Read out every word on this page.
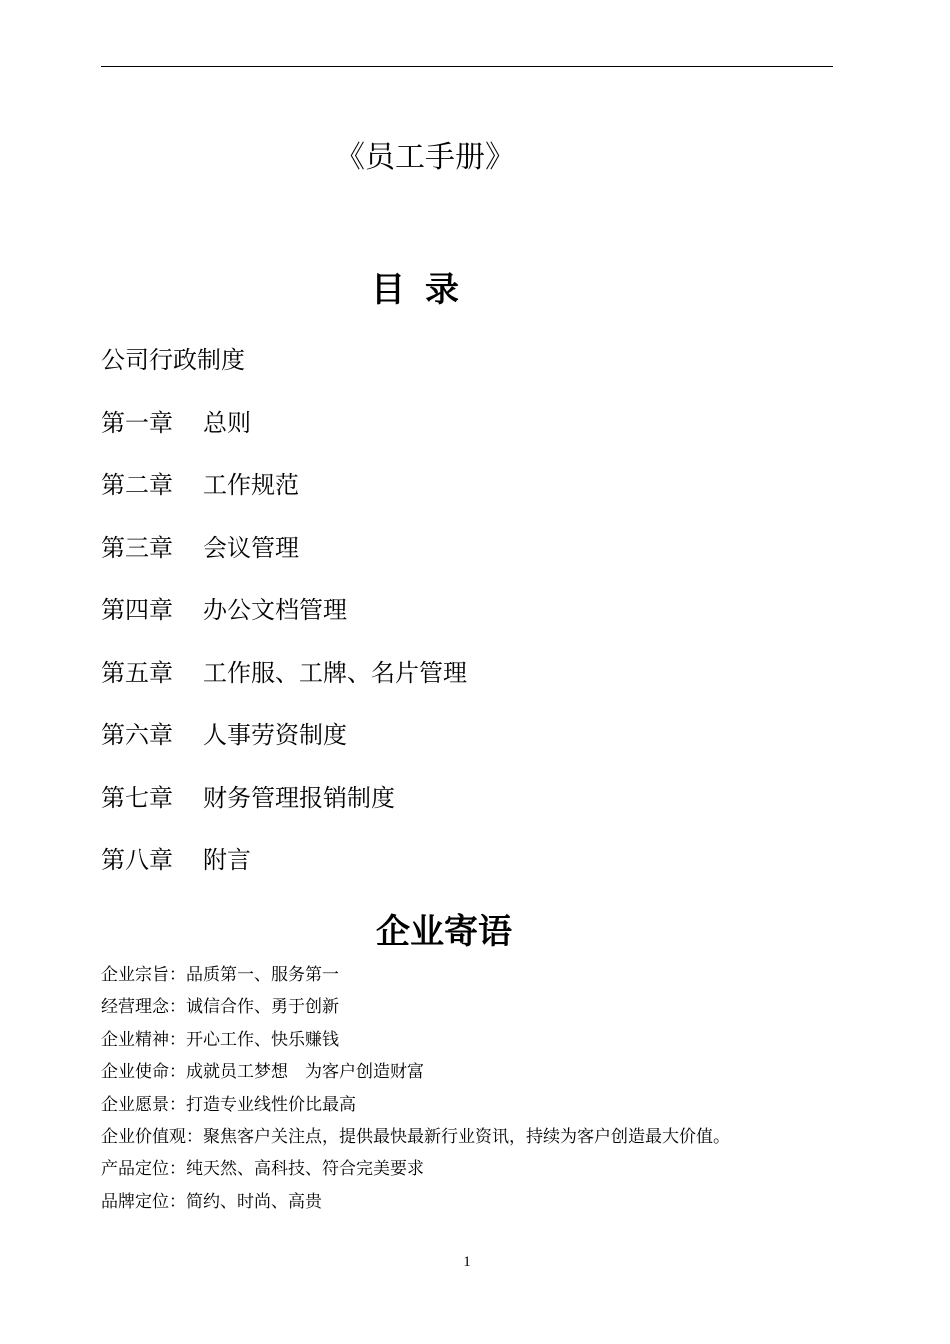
《员工手册》
目录
公司行政制度
第一章 总则
第二章 工作规范
第三章 会议管理
第四章 办公文档管理
第五章 工作服、工牌、名片管理
第六章 人事劳资制度
第七章 财务管理报销制度
第八章 附言
企业寄语
企业宗旨：品质第一、服务第一
经营理念：诚信合作、勇于创新
企业精神：开心工作、快乐赚钱
企业使命：成就员工梦想　为客户创造财富
企业愿景：打造专业线性价比最高
企业价值观：聚焦客户关注点，提供最快最新行业资讯，持续为客户创造最大价值。
产品定位：纯天然、高科技、符合完美要求
品牌定位：简约、时尚、高贵
1
